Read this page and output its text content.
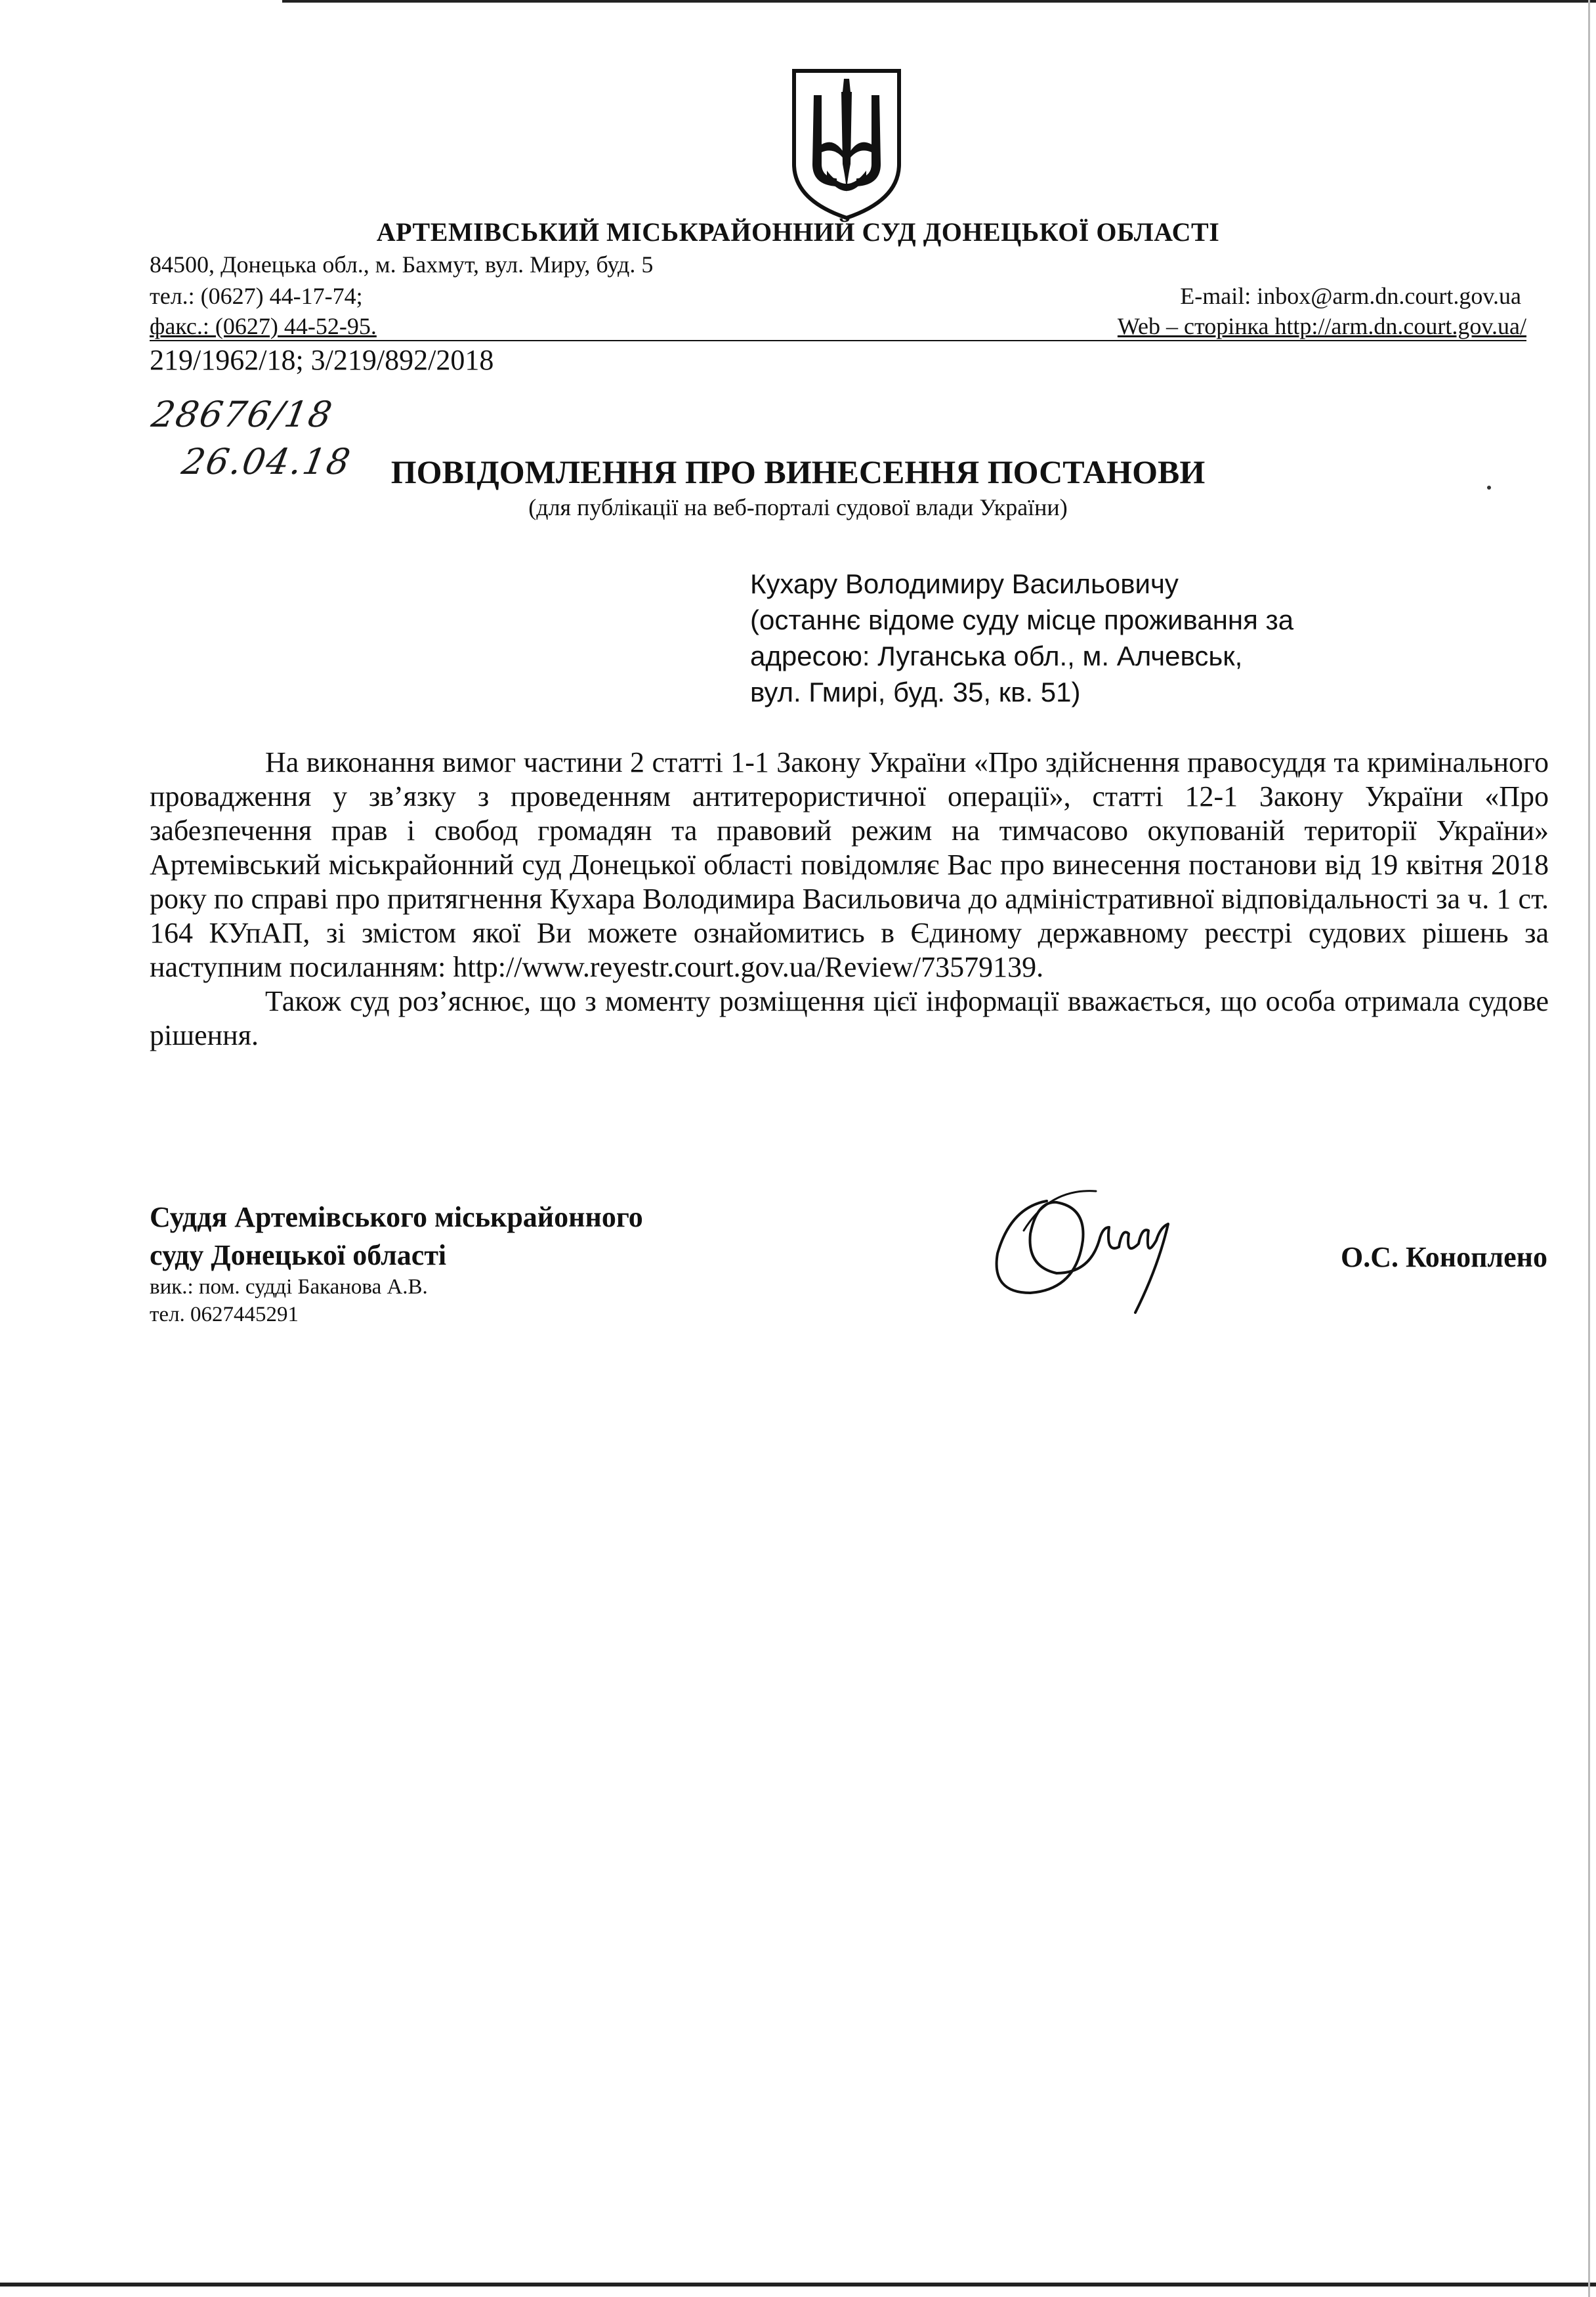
АРТЕМІВСЬКИЙ МІСЬКРАЙОННИЙ СУД ДОНЕЦЬКОЇ ОБЛАСТІ
84500, Донецька обл., м. Бахмут, вул. Миру, буд. 5
тел.: (0627) 44-17-74;	E-mail: inbox@arm.dn.court.gov.ua
факс.: (0627) 44-52-95.	Web – сторінка http://arm.dn.court.gov.ua/
219/1962/18; 3/219/892/2018
28676/18
26.04.18	ПОВІДОМЛЕННЯ ПРО ВИНЕСЕННЯ ПОСТАНОВИ
(для публікації на веб-порталі судової влади України)
Кухару Володимиру Васильовичу
(останнє відоме суду місце проживання за
адресою: Луганська обл., м. Алчевськ,
вул. Гмирі, буд. 35, кв. 51)

На виконання вимог частини 2 статті 1-1 Закону України «Про здійснення правосуддя та кримінального провадження у зв’язку з проведенням антитерористичної операції», статті 12-1 Закону України «Про забезпечення прав і свобод громадян та правовий режим на тимчасово окупованій території України» Артемівський міськрайонний суд Донецької області повідомляє Вас про винесення постанови від 19 квітня 2018 року по справі про притягнення Кухара Володимира Васильовича до адміністративної відповідальності за ч. 1 ст. 164 КУпАП, зі змістом якої Ви можете ознайомитись в Єдиному державному реєстрі судових рішень за наступним посиланням: http://www.reyestr.court.gov.ua/Review/73579139.

Також суд роз’яснює, що з моменту розміщення цієї інформації вважається, що особа отримала судове рішення.

Суддя Артемівського міськрайонного
суду Донецької області
вик.: пом. судді Баканова А.В.
тел. 0627445291
О.С. Коноплено
